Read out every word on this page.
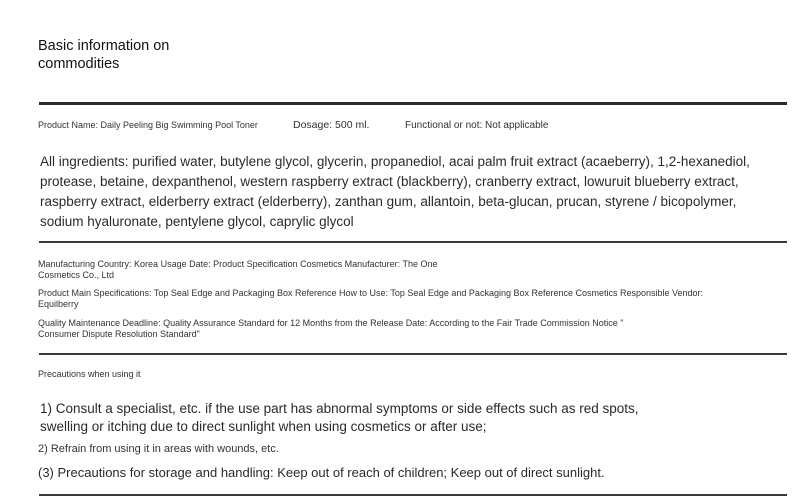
Basic information on commodities
Product Name: Daily Peeling Big Swimming Pool Toner	Dosage: 500 ml.	Functional or not: Not applicable
All ingredients: purified water, butylene glycol, glycerin, propanediol, acai palm fruit extract (acaeberry), 1,2-hexanediol, protease, betaine, dexpanthenol, western raspberry extract (blackberry), cranberry extract, lowuruit blueberry extract, raspberry extract, elderberry extract (elderberry), zanthan gum, allantoin, beta-glucan, prucan, styrene / bicopolymer, sodium hyaluronate, pentylene glycol, caprylic glycol
Manufacturing Country: Korea Usage Date: Product Specification Cosmetics Manufacturer: The One Cosmetics Co., Ltd
Product Main Specifications: Top Seal Edge and Packaging Box Reference How to Use: Top Seal Edge and Packaging Box Reference Cosmetics Responsible Vendor: Equilberry
Quality Maintenance Deadline: Quality Assurance Standard for 12 Months from the Release Date: According to the Fair Trade Commission Notice " Consumer Dispute Resolution Standard"
Precautions when using it
1) Consult a specialist, etc. if the use part has abnormal symptoms or side effects such as red spots, swelling or itching due to direct sunlight when using cosmetics or after use;
2) Refrain from using it in areas with wounds, etc.
(3) Precautions for storage and handling: Keep out of reach of children; Keep out of direct sunlight.
